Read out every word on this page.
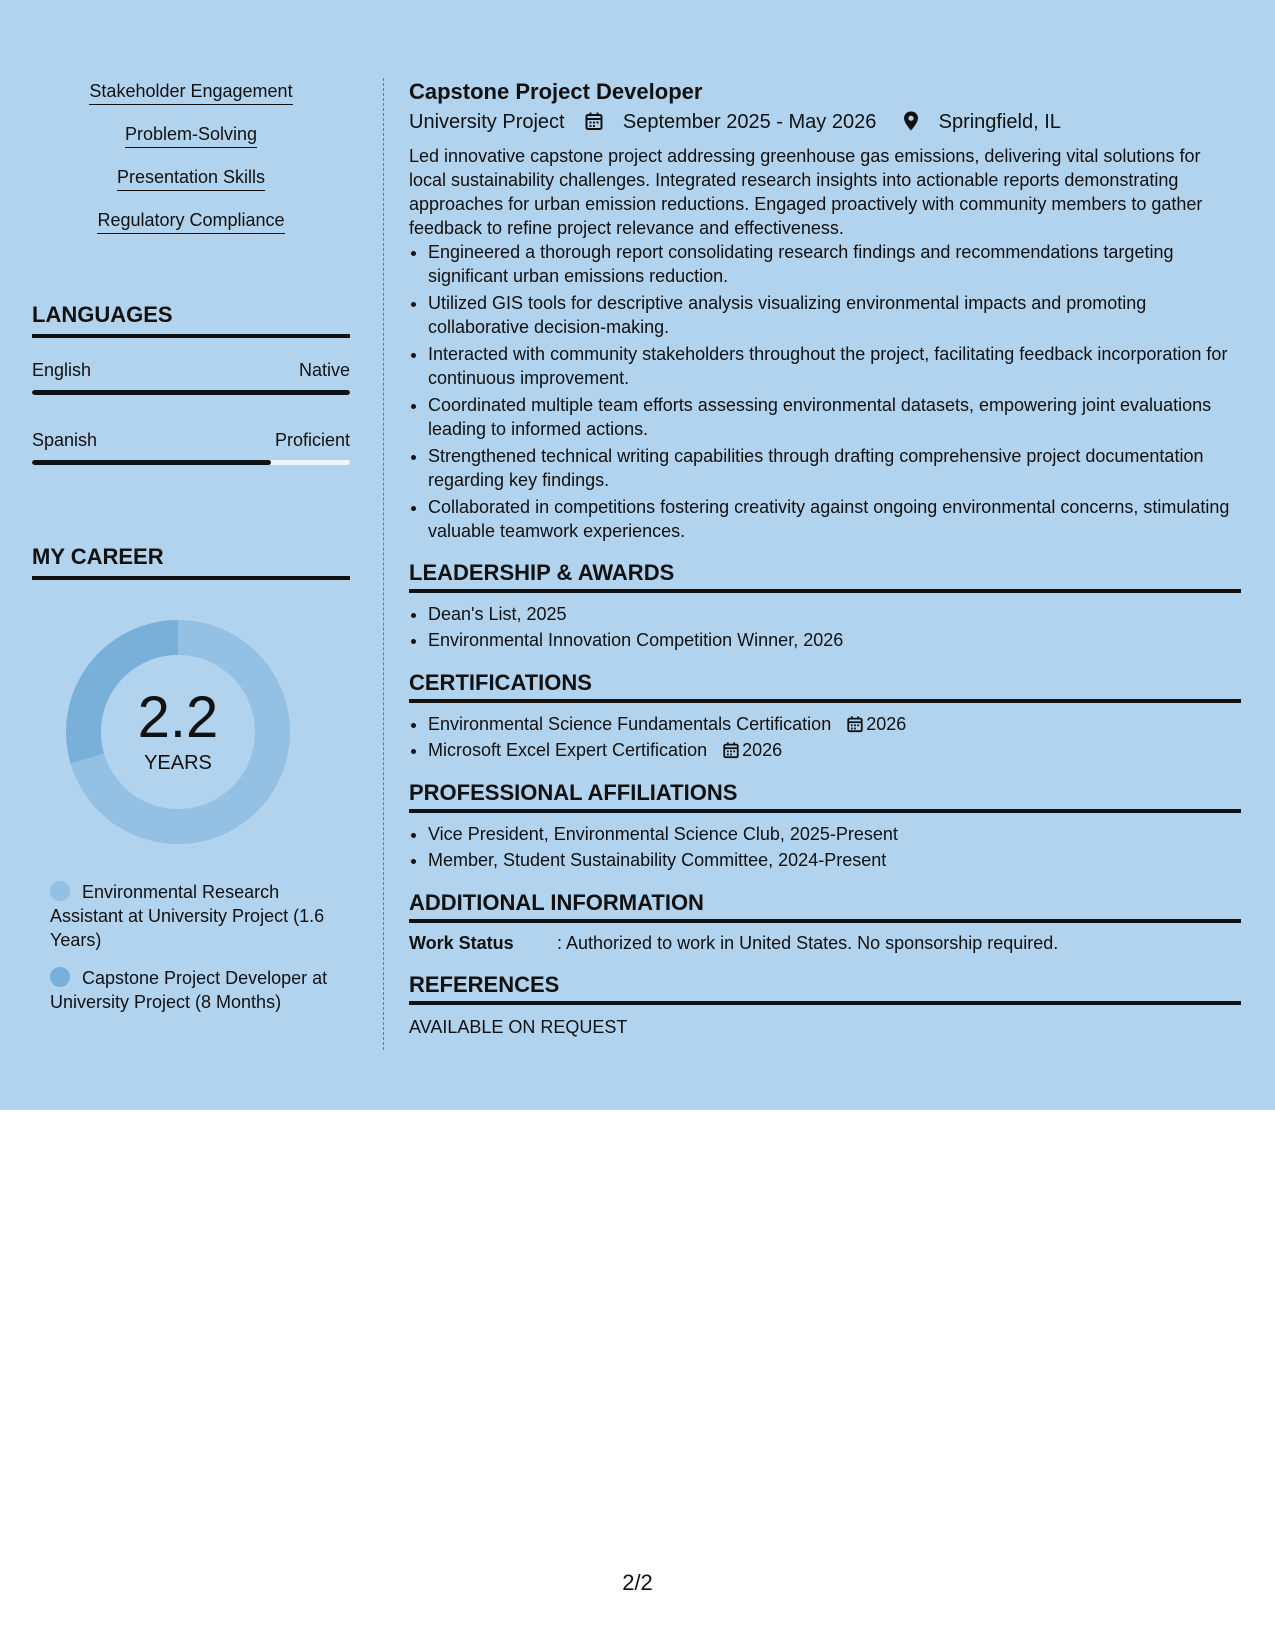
Stakeholder Engagement
Problem-Solving
Presentation Skills
Regulatory Compliance
LANGUAGES
English	Native
Spanish	Proficient
MY CAREER
2.2
YEARS
Environmental Research Assistant at University Project (1.6 Years)
Capstone Project Developer at University Project (8 Months)
Capstone Project Developer
University Project	September 2025 - May 2026	Springfield, IL

Led innovative capstone project addressing greenhouse gas emissions, delivering vital solutions for local sustainability challenges. Integrated research insights into actionable reports demonstrating approaches for urban emission reductions. Engaged proactively with community members to gather feedback to refine project relevance and effectiveness.

• Engineered a thorough report consolidating research findings and recommendations targeting significant urban emissions reduction.
• Utilized GIS tools for descriptive analysis visualizing environmental impacts and promoting collaborative decision-making.
• Interacted with community stakeholders throughout the project, facilitating feedback incorporation for continuous improvement.
• Coordinated multiple team efforts assessing environmental datasets, empowering joint evaluations leading to informed actions.
• Strengthened technical writing capabilities through drafting comprehensive project documentation regarding key findings.
• Collaborated in competitions fostering creativity against ongoing environmental concerns, stimulating valuable teamwork experiences.
LEADERSHIP & AWARDS
• Dean's List, 2025
• Environmental Innovation Competition Winner, 2026
CERTIFICATIONS
• Environmental Science Fundamentals Certification 2026
• Microsoft Excel Expert Certification 2026
PROFESSIONAL AFFILIATIONS
• Vice President, Environmental Science Club, 2025-Present
• Member, Student Sustainability Committee, 2024-Present
ADDITIONAL INFORMATION
Work Status : Authorized to work in United States. No sponsorship required.
REFERENCES

AVAILABLE ON REQUEST

2/2
